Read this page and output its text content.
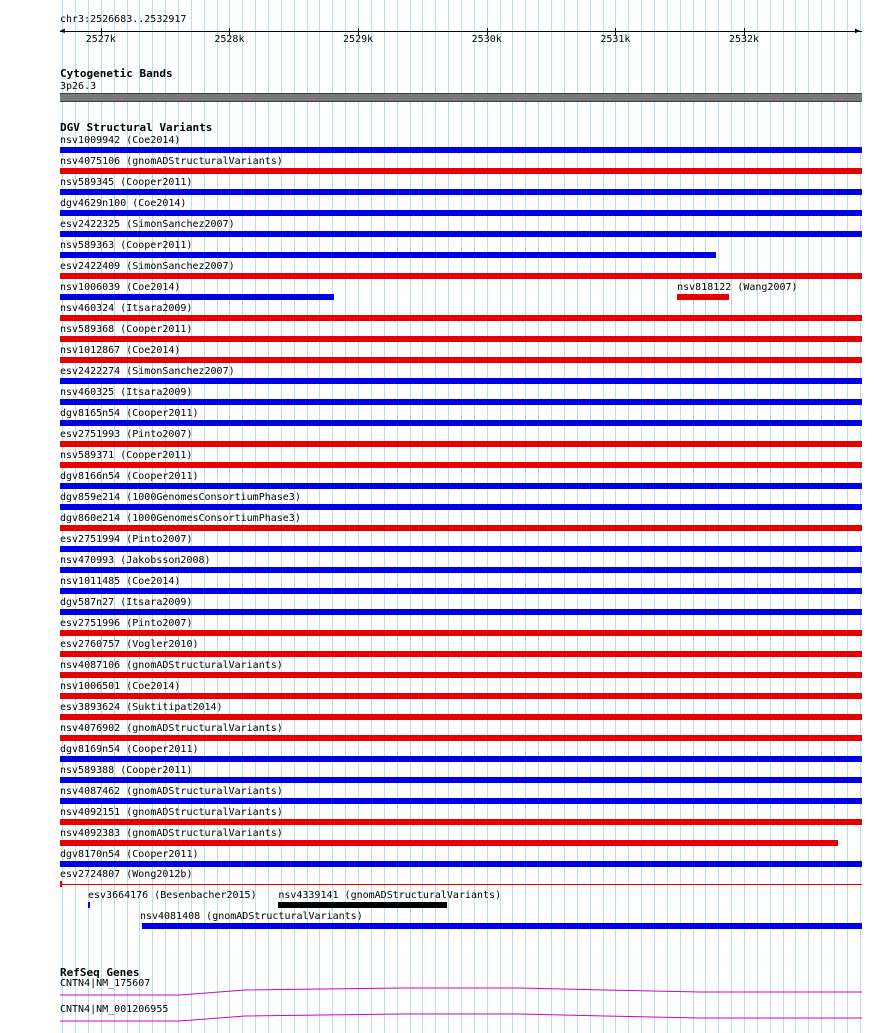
chr3:2526683..2532917
◀	▶
2527k	2528k	2529k	2530k	2531k	2532k
Cytogenetic Bands
3p26.3
DGV Structural Variants
nsv1009942 (Coe2014)
nsv4075106 (gnomADStructuralVariants)
nsv589345 (Cooper2011)
dgv4629n100 (Coe2014)
esv2422325 (SimonSanchez2007)
nsv589363 (Cooper2011)
esv2422409 (SimonSanchez2007)
nsv1006039 (Coe2014)
nsv460324 (Itsara2009)
nsv589368 (Cooper2011)
nsv1012867 (Coe2014)
esv2422274 (SimonSanchez2007)
nsv460325 (Itsara2009)
dgv8165n54 (Cooper2011)
esv2751993 (Pinto2007)
nsv589371 (Cooper2011)
dgv8166n54 (Cooper2011)
dgv859e214 (1000GenomesConsortiumPhase3)
dgv860e214 (1000GenomesConsortiumPhase3)
esv2751994 (Pinto2007)
nsv470993 (Jakobsson2008)
nsv1011485 (Coe2014)
dgv587n27 (Itsara2009)
esv2751996 (Pinto2007)
esv2760757 (Vogler2010)
nsv4087106 (gnomADStructuralVariants)
nsv1006501 (Coe2014)
esv3893624 (Suktitipat2014)
nsv4076902 (gnomADStructuralVariants)
dgv8169n54 (Cooper2011)
nsv589388 (Cooper2011)
nsv4087462 (gnomADStructuralVariants)
nsv4092151 (gnomADStructuralVariants)
nsv4092383 (gnomADStructuralVariants)
dgv8170n54 (Cooper2011)
nsv818122 (Wang2007)
esv2724807 (Wong2012b)
esv3664176 (Besenbacher2015) nsv4339141 (gnomADStructuralVariants)
nsv4081408 (gnomADStructuralVariants)
RefSeq Genes
CNTN4|NM_175607
CNTN4|NM_001206955
